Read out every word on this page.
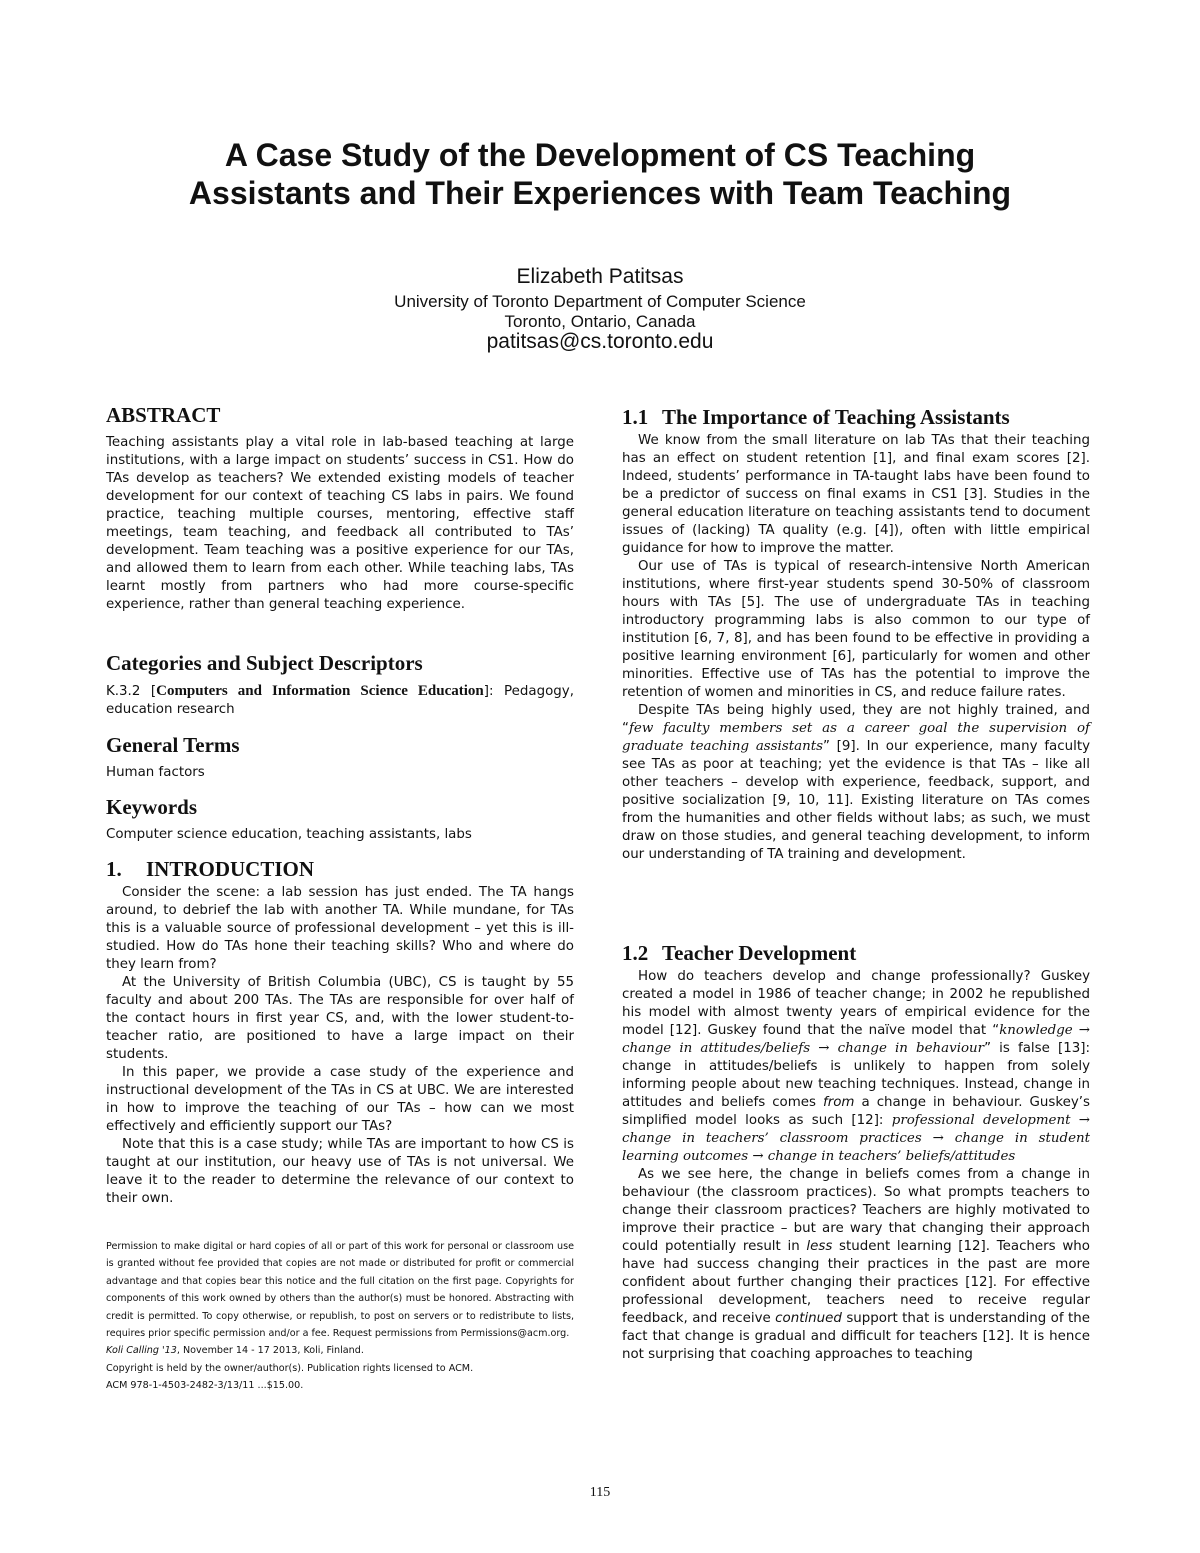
A Case Study of the Development of CS Teaching
Assistants and Their Experiences with Team Teaching
Elizabeth Patitsas
University of Toronto Department of Computer Science
Toronto, Ontario, Canada
patitsas@cs.toronto.edu
ABSTRACT

Teaching assistants play a vital role in lab-based teaching at large institutions, with a large impact on students’ success in CS1. How do TAs develop as teachers? We extended existing models of teacher development for our context of teaching CS labs in pairs. We found practice, teaching multiple courses, mentoring, effective staff meetings, team teaching, and feedback all contributed to TAs’ development. Team teaching was a positive experience for our TAs, and allowed them to learn from each other. While teaching labs, TAs learnt mostly from partners who had more course-specific experience, rather than general teaching experience.

Categories and Subject Descriptors

K.3.2 [Computers and Information Science Education]: Pedagogy, education research

General Terms

Human factors

Keywords

Computer science education, teaching assistants, labs

1. INTRODUCTION

Consider the scene: a lab session has just ended. The TA hangs around, to debrief the lab with another TA. While mundane, for TAs this is a valuable source of professional development – yet this is ill-studied. How do TAs hone their teaching skills? Who and where do they learn from?

At the University of British Columbia (UBC), CS is taught by 55 faculty and about 200 TAs. The TAs are responsible for over half of the contact hours in first year CS, and, with the lower student-to-teacher ratio, are positioned to have a large impact on their students.

In this paper, we provide a case study of the experience and instructional development of the TAs in CS at UBC. We are interested in how to improve the teaching of our TAs – how can we most effectively and efficiently support our TAs?

Note that this is a case study; while TAs are important to how CS is taught at our institution, our heavy use of TAs is not universal. We leave it to the reader to determine the relevance of our context to their own.

Permission to make digital or hard copies of all or part of this work for personal or classroom use is granted without fee provided that copies are not made or distributed for profit or commercial advantage and that copies bear this notice and the full citation on the first page. Copyrights for components of this work owned by others than the author(s) must be honored. Abstracting with credit is permitted. To copy otherwise, or republish, to post on servers or to redistribute to lists, requires prior specific permission and/or a fee. Request permissions from Permissions@acm.org.

Koli Calling '13, November 14 - 17 2013, Koli, Finland.

Copyright is held by the owner/author(s). Publication rights licensed to ACM.

ACM 978-1-4503-2482-3/13/11 ...$15.00.

1.1 The Importance of Teaching Assistants

We know from the small literature on lab TAs that their teaching has an effect on student retention [1], and final exam scores [2]. Indeed, students’ performance in TA-taught labs have been found to be a predictor of success on final exams in CS1 [3]. Studies in the general education literature on teaching assistants tend to document issues of (lacking) TA quality (e.g. [4]), often with little empirical guidance for how to improve the matter.

Our use of TAs is typical of research-intensive North American institutions, where first-year students spend 30-50% of classroom hours with TAs [5]. The use of undergraduate TAs in teaching introductory programming labs is also common to our type of institution [6, 7, 8], and has been found to be effective in providing a positive learning environment [6], particularly for women and other minorities. Effective use of TAs has the potential to improve the retention of women and minorities in CS, and reduce failure rates.

Despite TAs being highly used, they are not highly trained, and “few faculty members set as a career goal the supervision of graduate teaching assistants” [9]. In our experience, many faculty see TAs as poor at teaching; yet the evidence is that TAs – like all other teachers – develop with experience, feedback, support, and positive socialization [9, 10, 11]. Existing literature on TAs comes from the humanities and other fields without labs; as such, we must draw on those studies, and general teaching development, to inform our understanding of TA training and development.

1.2 Teacher Development

How do teachers develop and change professionally? Guskey created a model in 1986 of teacher change; in 2002 he republished his model with almost twenty years of empirical evidence for the model [12]. Guskey found that the naïve model that “knowledge → change in attitudes/beliefs → change in behaviour” is false [13]: change in attitudes/beliefs is unlikely to happen from solely informing people about new teaching techniques. Instead, change in attitudes and beliefs comes from a change in behaviour. Guskey’s simplified model looks as such [12]: professional development → change in teachers’ classroom practices → change in student learning outcomes → change in teachers’ beliefs/attitudes

As we see here, the change in beliefs comes from a change in behaviour (the classroom practices). So what prompts teachers to change their classroom practices? Teachers are highly motivated to improve their practice – but are wary that changing their approach could potentially result in less student learning [12]. Teachers who have had success changing their practices in the past are more confident about further changing their practices [12]. For effective professional development, teachers need to receive regular feedback, and receive continued support that is understanding of the fact that change is gradual and difficult for teachers [12]. It is hence not surprising that coaching approaches to teaching

115
